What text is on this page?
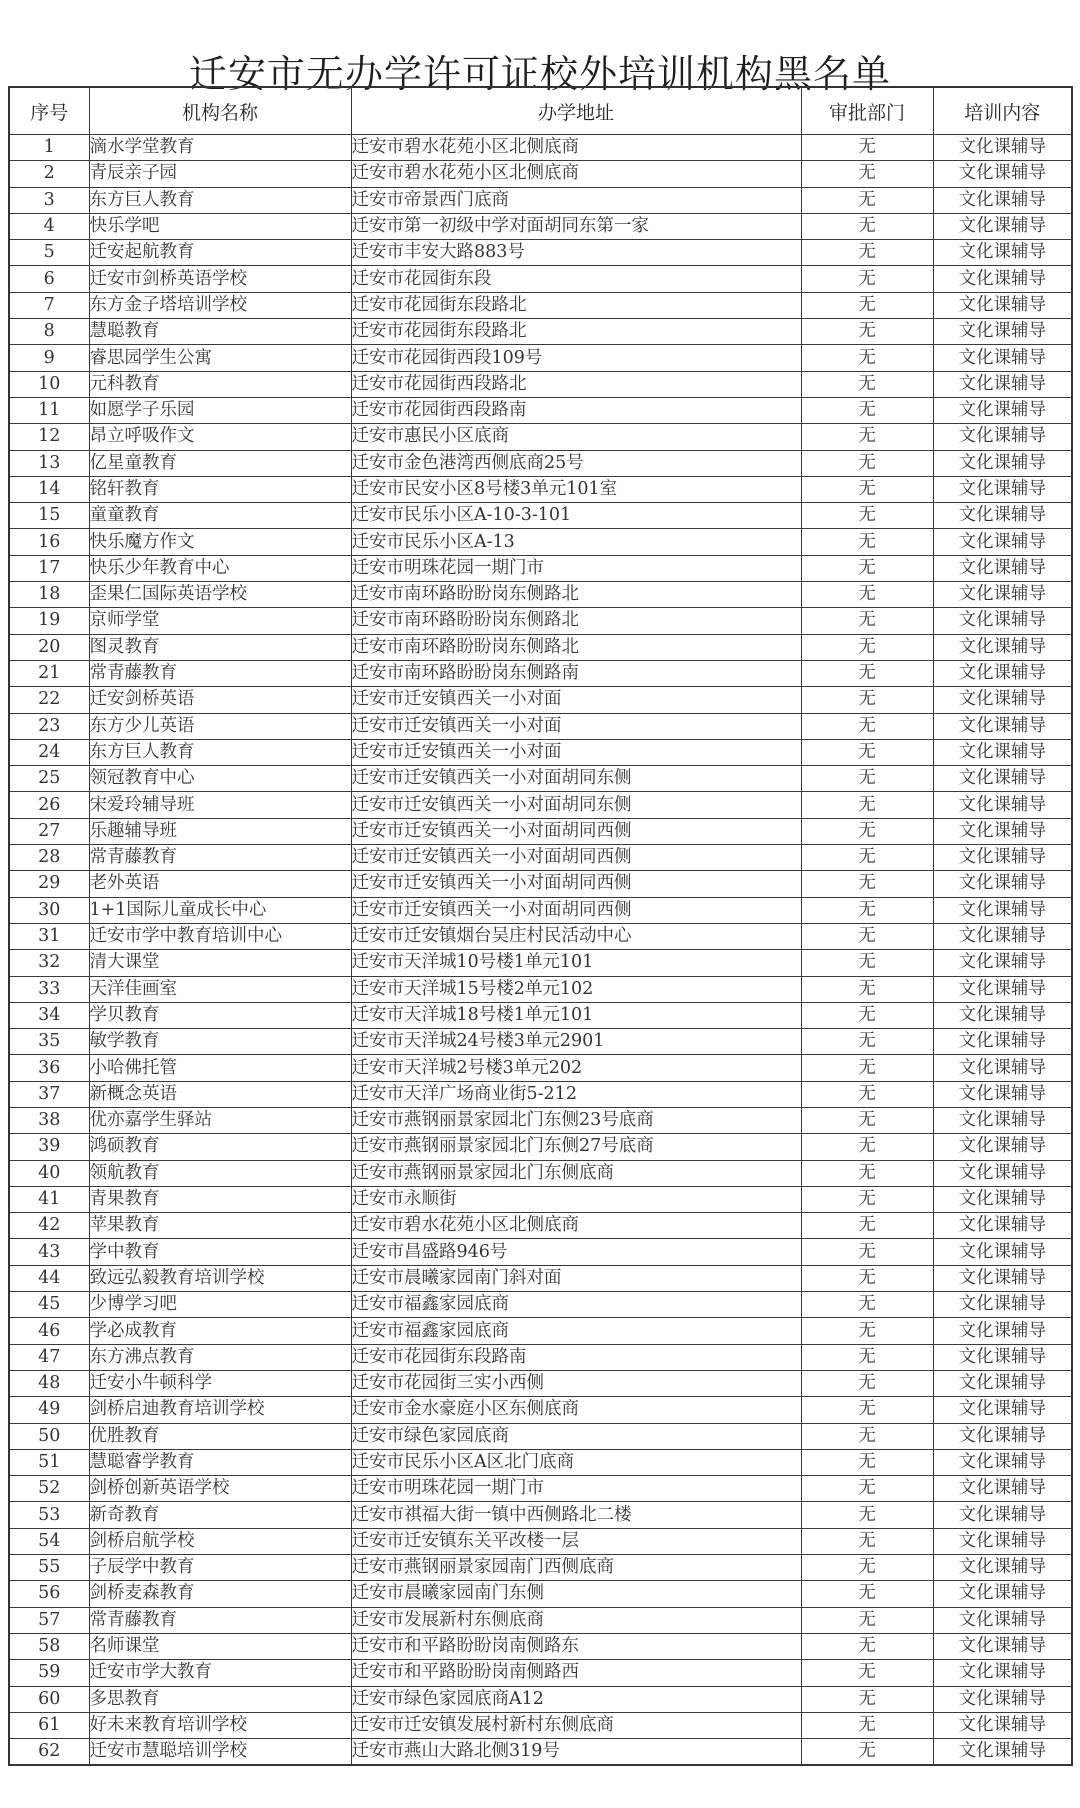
迁安市无办学许可证校外培训机构黑名单
序号	机构名称	办学地址	审批部门	培训内容
1	滴水学堂教育	迁安市碧水花苑小区北侧底商	无	文化课辅导
2	青辰亲子园	迁安市碧水花苑小区北侧底商	无	文化课辅导
3	东方巨人教育	迁安市帝景西门底商	无	文化课辅导
4	快乐学吧	迁安市第一初级中学对面胡同东第一家	无	文化课辅导
5	迁安起航教育	迁安市丰安大路883号	无	文化课辅导
6	迁安市剑桥英语学校	迁安市花园街东段	无	文化课辅导
7	东方金子塔培训学校	迁安市花园街东段路北	无	文化课辅导
8	慧聪教育	迁安市花园街东段路北	无	文化课辅导
9	睿思园学生公寓	迁安市花园街西段109号	无	文化课辅导
10	元科教育	迁安市花园街西段路北	无	文化课辅导
11	如愿学子乐园	迁安市花园街西段路南	无	文化课辅导
12	昂立呼吸作文	迁安市惠民小区底商	无	文化课辅导
13	亿星童教育	迁安市金色港湾西侧底商25号	无	文化课辅导
14	铭轩教育	迁安市民安小区8号楼3单元101室	无	文化课辅导
15	童童教育	迁安市民乐小区A-10-3-101	无	文化课辅导
16	快乐魔方作文	迁安市民乐小区A-13	无	文化课辅导
17	快乐少年教育中心	迁安市明珠花园一期门市	无	文化课辅导
18	歪果仁国际英语学校	迁安市南环路盼盼岗东侧路北	无	文化课辅导
19	京师学堂	迁安市南环路盼盼岗东侧路北	无	文化课辅导
20	图灵教育	迁安市南环路盼盼岗东侧路北	无	文化课辅导
21	常青藤教育	迁安市南环路盼盼岗东侧路南	无	文化课辅导
22	迁安剑桥英语	迁安市迁安镇西关一小对面	无	文化课辅导
23	东方少儿英语	迁安市迁安镇西关一小对面	无	文化课辅导
24	东方巨人教育	迁安市迁安镇西关一小对面	无	文化课辅导
25	领冠教育中心	迁安市迁安镇西关一小对面胡同东侧	无	文化课辅导
26	宋爱玲辅导班	迁安市迁安镇西关一小对面胡同东侧	无	文化课辅导
27	乐趣辅导班	迁安市迁安镇西关一小对面胡同西侧	无	文化课辅导
28	常青藤教育	迁安市迁安镇西关一小对面胡同西侧	无	文化课辅导
29	老外英语	迁安市迁安镇西关一小对面胡同西侧	无	文化课辅导
30	1+1国际儿童成长中心	迁安市迁安镇西关一小对面胡同西侧	无	文化课辅导
31	迁安市学中教育培训中心	迁安市迁安镇烟台吴庄村民活动中心	无	文化课辅导
32	清大课堂	迁安市天洋城10号楼1单元101	无	文化课辅导
33	天洋佳画室	迁安市天洋城15号楼2单元102	无	文化课辅导
34	学贝教育	迁安市天洋城18号楼1单元101	无	文化课辅导
35	敏学教育	迁安市天洋城24号楼3单元2901	无	文化课辅导
36	小哈佛托管	迁安市天洋城2号楼3单元202	无	文化课辅导
37	新概念英语	迁安市天洋广场商业街5-212	无	文化课辅导
38	优亦嘉学生驿站	迁安市燕钢丽景家园北门东侧23号底商	无	文化课辅导
39	鸿硕教育	迁安市燕钢丽景家园北门东侧27号底商	无	文化课辅导
40	领航教育	迁安市燕钢丽景家园北门东侧底商	无	文化课辅导
41	青果教育	迁安市永顺街	无	文化课辅导
42	苹果教育	迁安市碧水花苑小区北侧底商	无	文化课辅导
43	学中教育	迁安市昌盛路946号	无	文化课辅导
44	致远弘毅教育培训学校	迁安市晨曦家园南门斜对面	无	文化课辅导
45	少博学习吧	迁安市福鑫家园底商	无	文化课辅导
46	学必成教育	迁安市福鑫家园底商	无	文化课辅导
47	东方沸点教育	迁安市花园街东段路南	无	文化课辅导
48	迁安小牛顿科学	迁安市花园街三实小西侧	无	文化课辅导
49	剑桥启迪教育培训学校	迁安市金水豪庭小区东侧底商	无	文化课辅导
50	优胜教育	迁安市绿色家园底商	无	文化课辅导
51	慧聪睿学教育	迁安市民乐小区A区北门底商	无	文化课辅导
52	剑桥创新英语学校	迁安市明珠花园一期门市	无	文化课辅导
53	新奇教育	迁安市祺福大街一镇中西侧路北二楼	无	文化课辅导
54	剑桥启航学校	迁安市迁安镇东关平改楼一层	无	文化课辅导
55	子辰学中教育	迁安市燕钢丽景家园南门西侧底商	无	文化课辅导
56	剑桥麦森教育	迁安市晨曦家园南门东侧	无	文化课辅导
57	常青藤教育	迁安市发展新村东侧底商	无	文化课辅导
58	名师课堂	迁安市和平路盼盼岗南侧路东	无	文化课辅导
59	迁安市学大教育	迁安市和平路盼盼岗南侧路西	无	文化课辅导
60	多思教育	迁安市绿色家园底商A12	无	文化课辅导
61	好未来教育培训学校	迁安市迁安镇发展村新村东侧底商	无	文化课辅导
62	迁安市慧聪培训学校	迁安市燕山大路北侧319号	无	文化课辅导
